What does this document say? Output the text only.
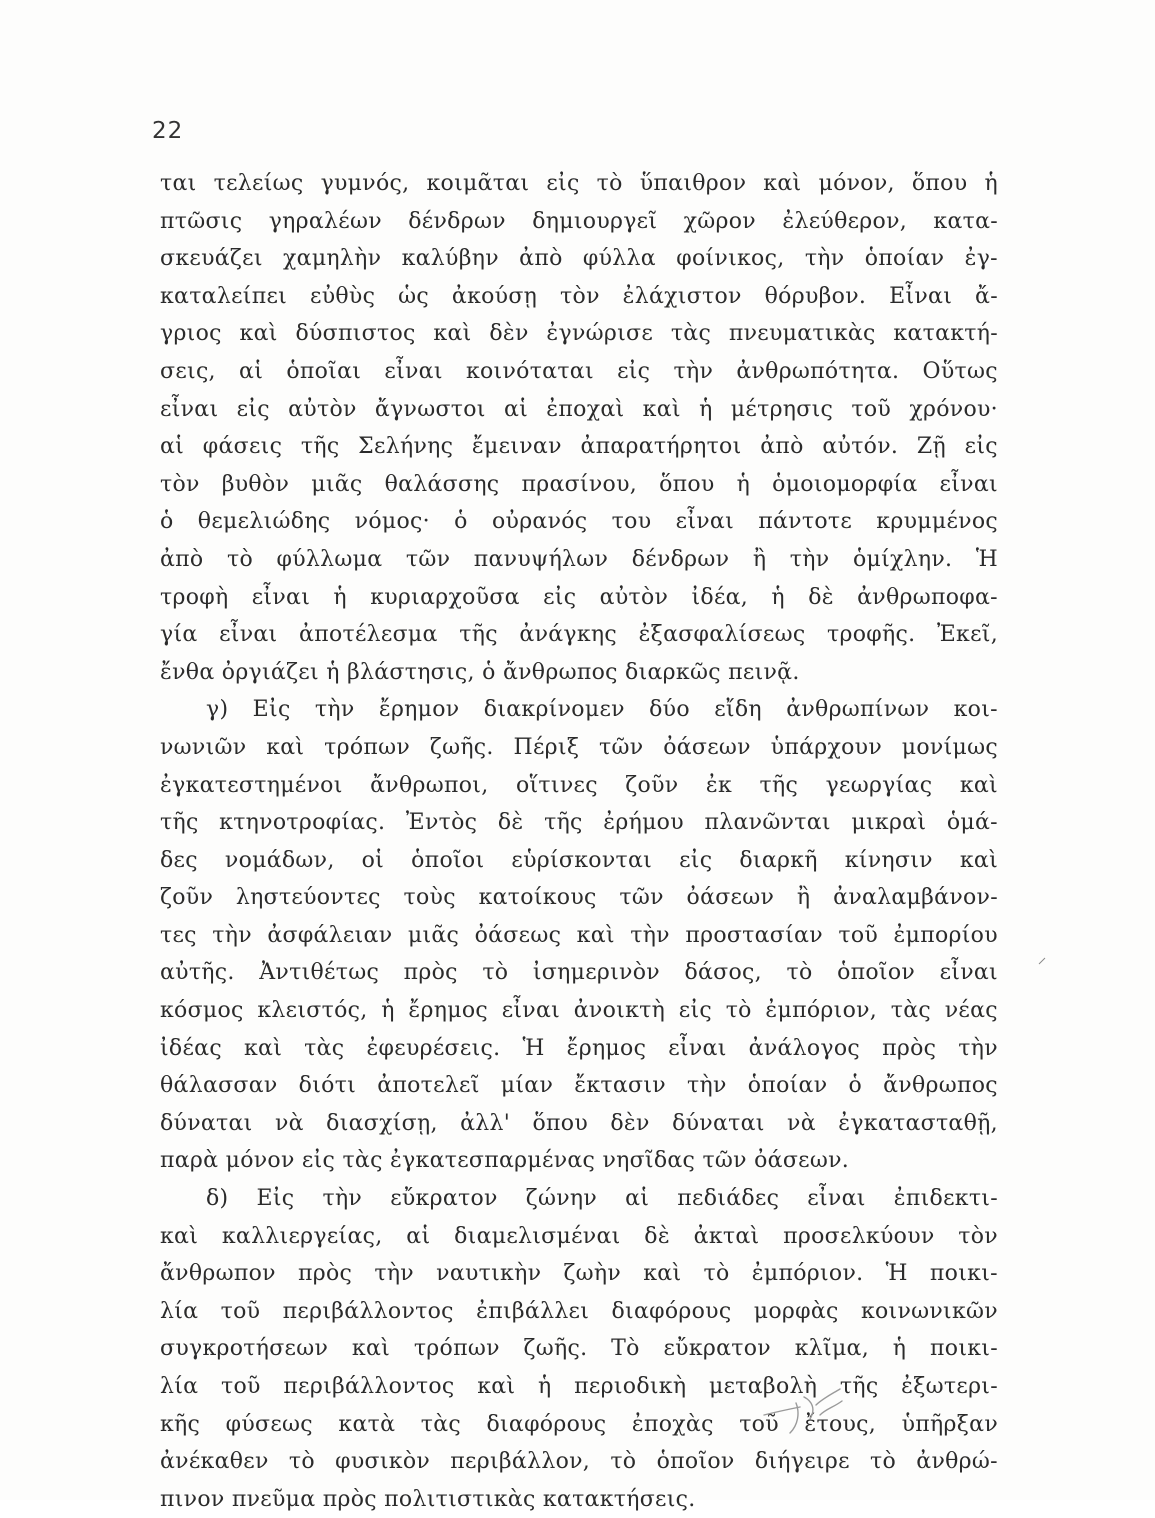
22
ται τελείως γυμνός, κοιμᾶται εἰς τὸ ὕπαιθρον καὶ μόνον, ὅπου ἡ
πτῶσις γηραλέων δένδρων δημιουργεῖ χῶρον ἐλεύθερον, κατα-
σκευάζει χαμηλὴν καλύβην ἀπὸ φύλλα φοίνικος, τὴν ὁποίαν ἐγ-
καταλείπει εὐθὺς ὡς ἀκούσῃ τὸν ἐλάχιστον θόρυβον. Εἶναι ἄ-
γριος καὶ δύσπιστος καὶ δὲν ἐγνώρισε τὰς πνευματικὰς κατακτή-
σεις, αἱ ὁποῖαι εἶναι κοινόταται εἰς τὴν ἀνθρωπότητα. Οὕτως
εἶναι εἰς αὐτὸν ἄγνωστοι αἱ ἐποχαὶ καὶ ἡ μέτρησις τοῦ χρόνου·
αἱ φάσεις τῆς Σελήνης ἔμειναν ἀπαρατήρητοι ἀπὸ αὐτόν. Ζῇ εἰς
τὸν βυθὸν μιᾶς θαλάσσης πρασίνου, ὅπου ἡ ὁμοιομορφία εἶναι
ὁ θεμελιώδης νόμος· ὁ οὐρανός του εἶναι πάντοτε κρυμμένος
ἀπὸ τὸ φύλλωμα τῶν πανυψήλων δένδρων ἢ τὴν ὁμίχλην. Ἡ
τροφὴ εἶναι ἡ κυριαρχοῦσα εἰς αὐτὸν ἰδέα, ἡ δὲ ἀνθρωποφα-
γία εἶναι ἀποτέλεσμα τῆς ἀνάγκης ἐξασφαλίσεως τροφῆς. Ἐκεῖ,
ἔνθα ὀργιάζει ἡ βλάστησις, ὁ ἄνθρωπος διαρκῶς πεινᾷ.
γ) Εἰς τὴν ἔρημον διακρίνομεν δύο εἴδη ἀνθρωπίνων κοι-
νωνιῶν καὶ τρόπων ζωῆς. Πέριξ τῶν ὀάσεων ὑπάρχουν μονίμως
ἐγκατεστημένοι ἄνθρωποι, οἵτινες ζοῦν ἐκ τῆς γεωργίας καὶ
τῆς κτηνοτροφίας. Ἐντὸς δὲ τῆς ἐρήμου πλανῶνται μικραὶ ὁμά-
δες νομάδων, οἱ ὁποῖοι εὑρίσκονται εἰς διαρκῆ κίνησιν καὶ
ζοῦν ληστεύοντες τοὺς κατοίκους τῶν ὀάσεων ἢ ἀναλαμβάνον-
τες τὴν ἀσφάλειαν μιᾶς ὀάσεως καὶ τὴν προστασίαν τοῦ ἐμπορίου
αὐτῆς. Ἀντιθέτως πρὸς τὸ ἰσημερινὸν δάσος, τὸ ὁποῖον εἶναι
κόσμος κλειστός, ἡ ἔρημος εἶναι ἀνοικτὴ εἰς τὸ ἐμπόριον, τὰς νέας
ἰδέας καὶ τὰς ἐφευρέσεις. Ἡ ἔρημος εἶναι ἀνάλογος πρὸς τὴν
θάλασσαν διότι ἀποτελεῖ μίαν ἔκτασιν τὴν ὁποίαν ὁ ἄνθρωπος
δύναται νὰ διασχίσῃ, ἀλλ' ὅπου δὲν δύναται νὰ ἐγκατασταθῇ,
παρὰ μόνον εἰς τὰς ἐγκατεσπαρμένας νησῖδας τῶν ὀάσεων.
δ) Εἰς τὴν εὔκρατον ζώνην αἱ πεδιάδες εἶναι ἐπιδεκτι-
καὶ καλλιεργείας, αἱ διαμελισμέναι δὲ ἀκταὶ προσελκύουν τὸν
ἄνθρωπον πρὸς τὴν ναυτικὴν ζωὴν καὶ τὸ ἐμπόριον. Ἡ ποικι-
λία τοῦ περιβάλλοντος ἐπιβάλλει διαφόρους μορφὰς κοινωνικῶν
συγκροτήσεων καὶ τρόπων ζωῆς. Τὸ εὔκρατον κλῖμα, ἡ ποικι-
λία τοῦ περιβάλλοντος καὶ ἡ περιοδικὴ μεταβολὴ τῆς ἐξωτερι-
κῆς φύσεως κατὰ τὰς διαφόρους ἐποχὰς τοῦ ἔτους, ὑπῆρξαν
ἀνέκαθεν τὸ φυσικὸν περιβάλλον, τὸ ὁποῖον διήγειρε τὸ ἀνθρώ-
πινον πνεῦμα πρὸς πολιτιστικὰς κατακτήσεις.
